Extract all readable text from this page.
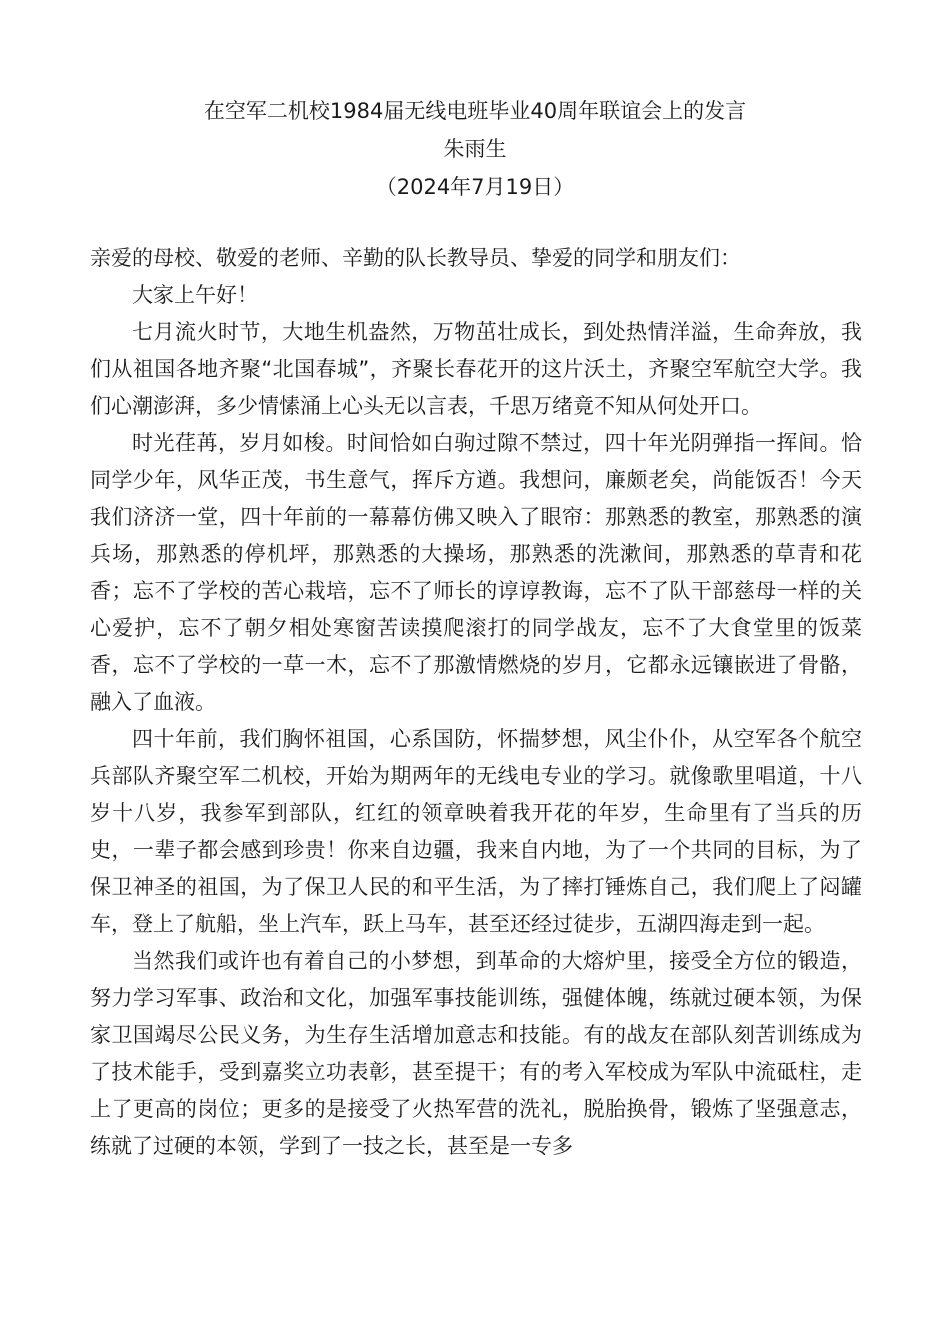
在空军二机校1984届无线电班毕业40周年联谊会上的发言
朱雨生
（2024年7月19日）

亲爱的母校、敬爱的老师、辛勤的队长教导员、挚爱的同学和朋友们：

大家上午好！

七月流火时节，大地生机盎然，万物茁壮成长，到处热情洋溢，生命奔放，我们从祖国各地齐聚“北国春城”，齐聚长春花开的这片沃土，齐聚空军航空大学。我们心潮澎湃，多少情愫涌上心头无以言表，千思万绪竟不知从何处开口。

时光荏苒，岁月如梭。时间恰如白驹过隙不禁过，四十年光阴弹指一挥间。恰同学少年，风华正茂，书生意气，挥斥方遒。我想问，廉颇老矣，尚能饭否！今天我们济济一堂，四十年前的一幕幕仿佛又映入了眼帘：那熟悉的教室，那熟悉的演兵场，那熟悉的停机坪，那熟悉的大操场，那熟悉的洗漱间，那熟悉的草青和花香；忘不了学校的苦心栽培，忘不了师长的谆谆教诲，忘不了队干部慈母一样的关心爱护，忘不了朝夕相处寒窗苦读摸爬滚打的同学战友，忘不了大食堂里的饭菜香，忘不了学校的一草一木，忘不了那激情燃烧的岁月，它都永远镶嵌进了骨骼，融入了血液。

四十年前，我们胸怀祖国，心系国防，怀揣梦想，风尘仆仆，从空军各个航空兵部队齐聚空军二机校，开始为期两年的无线电专业的学习。就像歌里唱道，十八岁十八岁，我参军到部队，红红的领章映着我开花的年岁，生命里有了当兵的历史，一辈子都会感到珍贵！你来自边疆，我来自内地，为了一个共同的目标，为了保卫神圣的祖国，为了保卫人民的和平生活，为了摔打锤炼自己，我们爬上了闷罐车，登上了航船，坐上汽车，跃上马车，甚至还经过徒步，五湖四海走到一起。

当然我们或许也有着自己的小梦想，到革命的大熔炉里，接受全方位的锻造，努力学习军事、政治和文化，加强军事技能训练，强健体魄，练就过硬本领，为保家卫国竭尽公民义务，为生存生活增加意志和技能。有的战友在部队刻苦训练成为了技术能手，受到嘉奖立功表彰，甚至提干；有的考入军校成为军队中流砥柱，走上了更高的岗位；更多的是接受了火热军营的洗礼，脱胎换骨，锻炼了坚强意志，练就了过硬的本领，学到了一技之长，甚至是一专多
